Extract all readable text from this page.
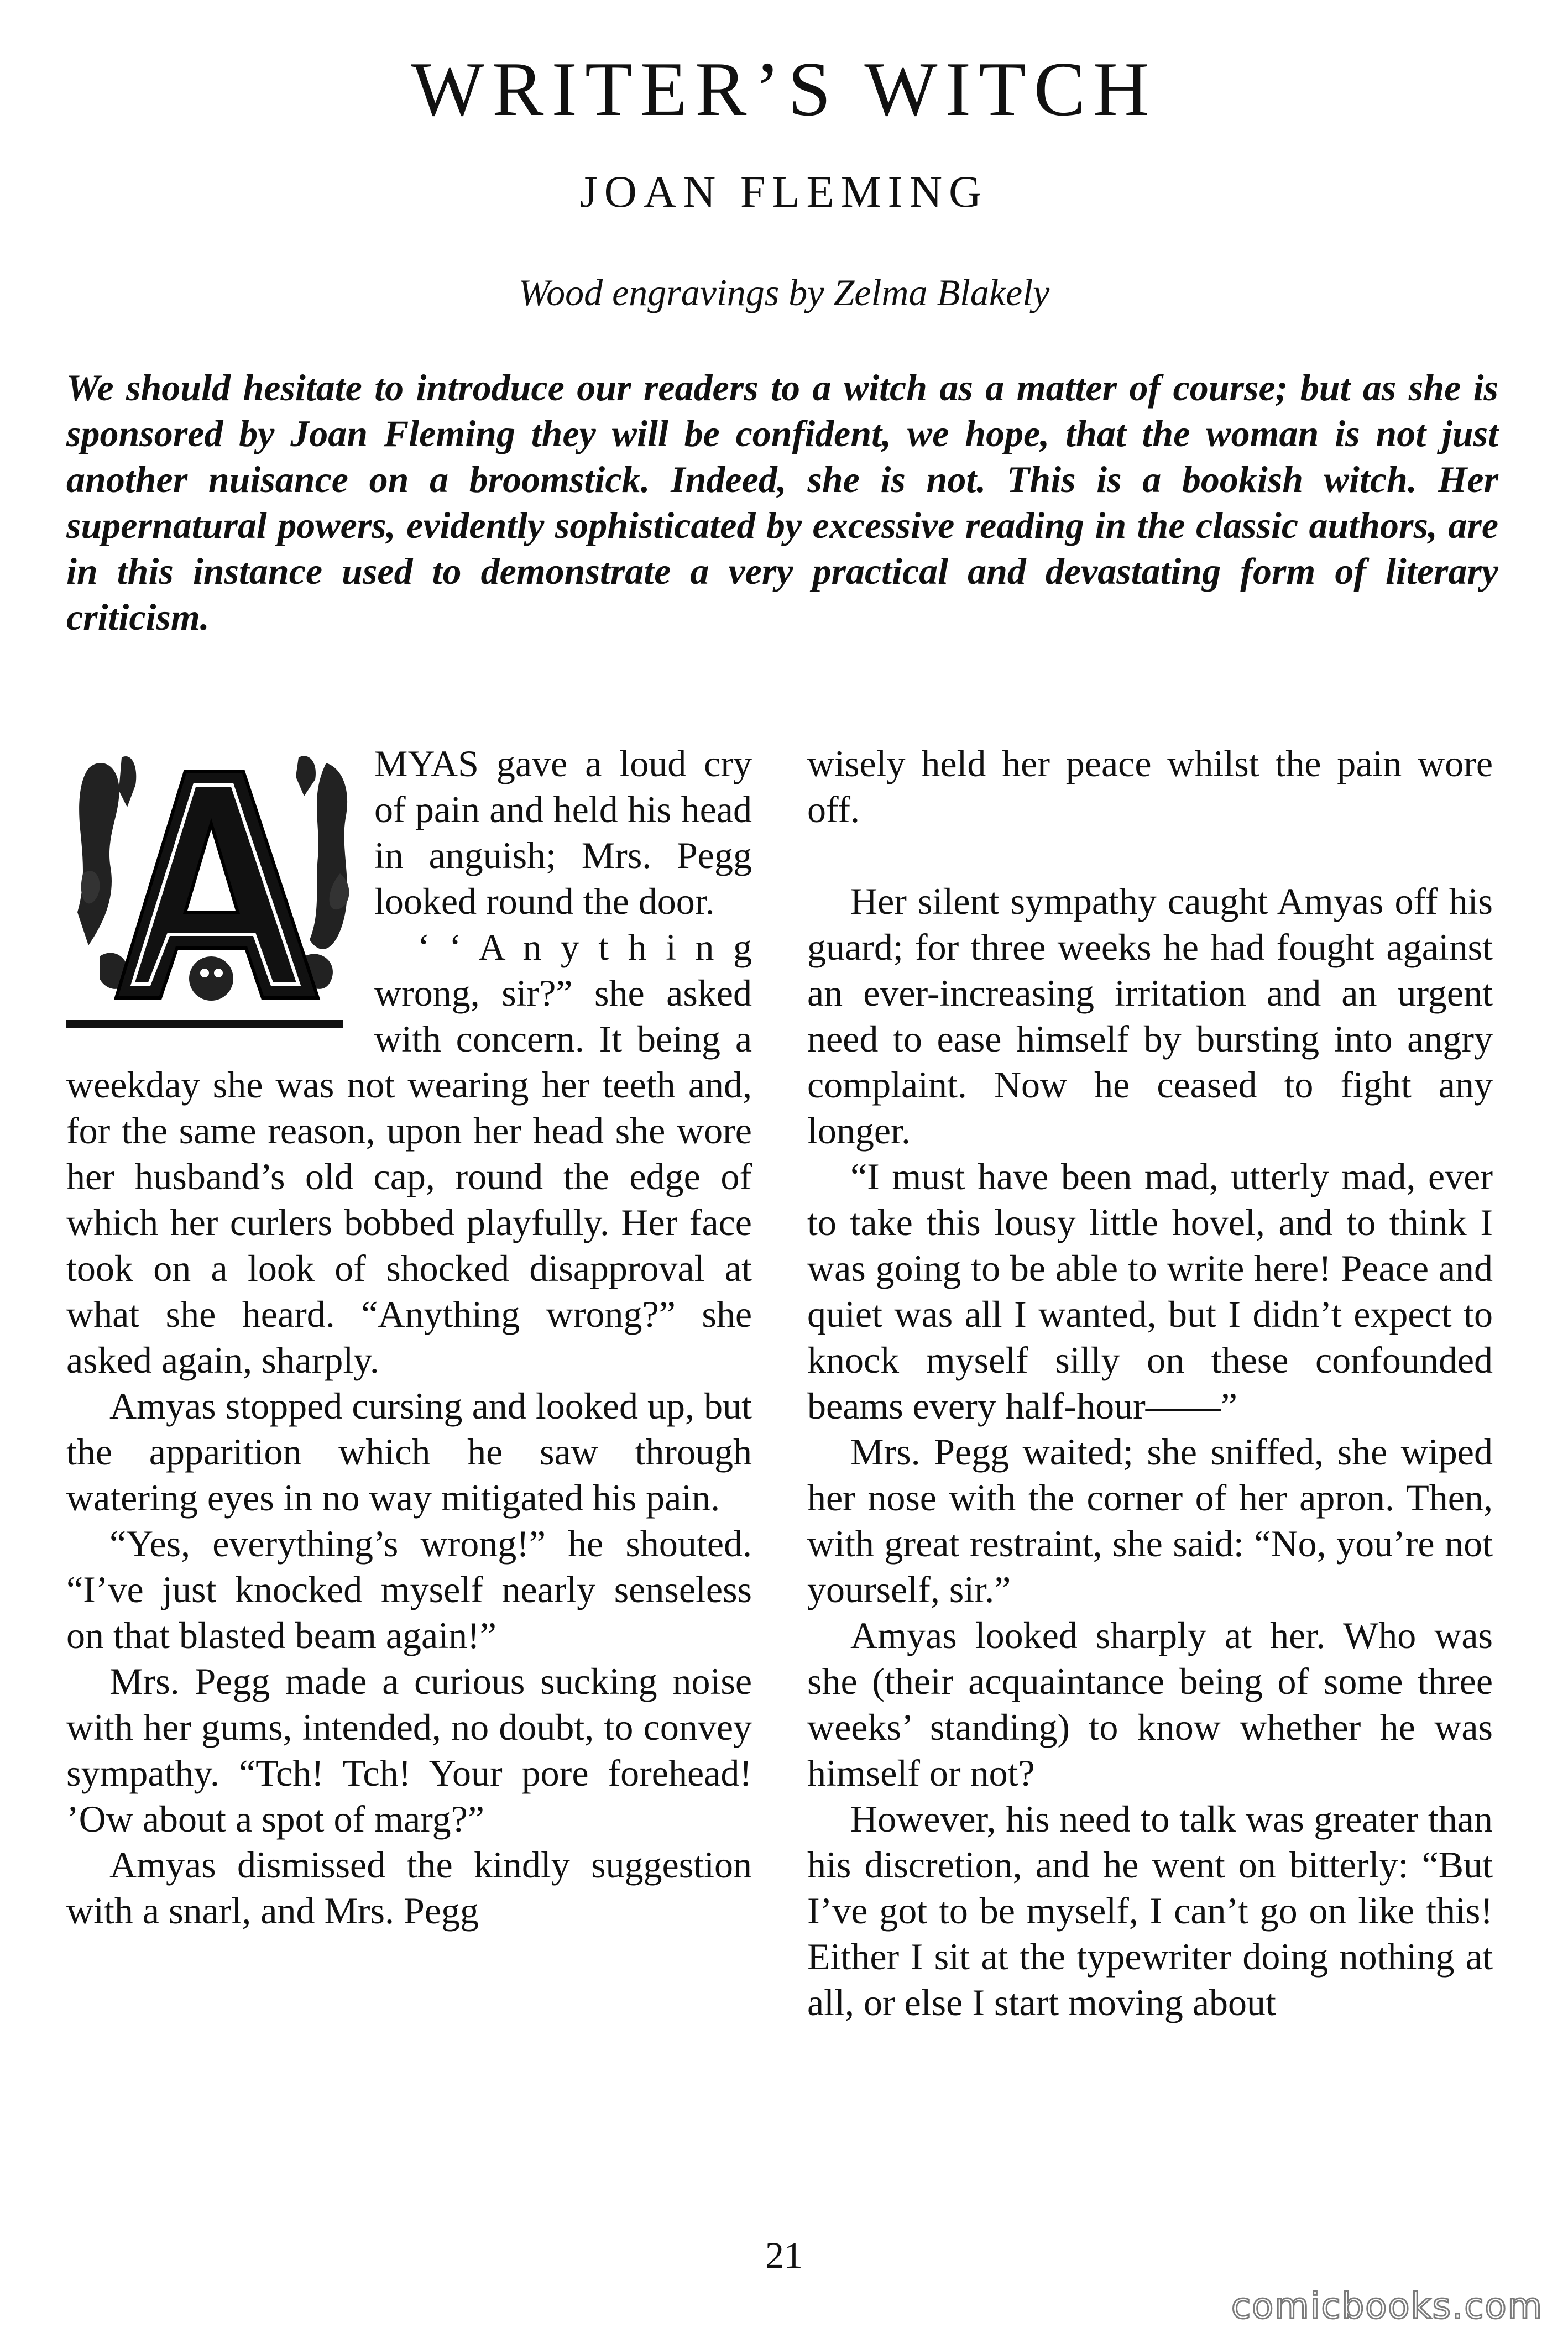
WRITER’S WITCH
JOAN FLEMING

Wood engravings by Zelma Blakely

We should hesitate to introduce our readers to a witch as a matter of course; but as she is sponsored by Joan Fleming they will be confident, we hope, that the woman is not just another nuisance on a broomstick. Indeed, she is not. This is a bookish witch. Her supernatural powers, evidently sophisticated by excessive reading in the classic authors, are in this instance used to demonstrate a very practical and devastating form of literary criticism.

MYAS gave a loud cry of pain and held his head in anguish; Mrs. Pegg looked round the door.

‘ ‘ A n y t h i n g wrong, sir?” she asked with concern. It being a weekday she was not wearing her teeth and, for the same reason, upon her head she wore her husband’s old cap, round the edge of which her curlers bobbed playfully. Her face took on a look of shocked disapproval at what she heard. “Anything wrong?” she asked again, sharply.

Amyas stopped cursing and looked up, but the apparition which he saw through watering eyes in no way mitigated his pain.

“Yes, everything’s wrong!” he shouted. “I’ve just knocked myself nearly senseless on that blasted beam again!”

Mrs. Pegg made a curious sucking noise with her gums, intended, no doubt, to convey sympathy. “Tch! Tch! Your pore forehead! ’Ow about a spot of marg?”

Amyas dismissed the kindly suggestion with a snarl, and Mrs. Pegg

wisely held her peace whilst the pain wore off.

Her silent sympathy caught Amyas off his guard; for three weeks he had fought against an ever-increasing irritation and an urgent need to ease himself by bursting into angry complaint. Now he ceased to fight any longer.

“I must have been mad, utterly mad, ever to take this lousy little hovel, and to think I was going to be able to write here! Peace and quiet was all I wanted, but I didn’t expect to knock myself silly on these confounded beams every half-hour——”

Mrs. Pegg waited; she sniffed, she wiped her nose with the corner of her apron. Then, with great restraint, she said: “No, you’re not yourself, sir.”

Amyas looked sharply at her. Who was she (their acquaintance being of some three weeks’ standing) to know whether he was himself or not?

However, his need to talk was greater than his discretion, and he went on bitterly: “But I’ve got to be myself, I can’t go on like this! Either I sit at the typewriter doing nothing at all, or else I start moving about

21

comicbooks.com
